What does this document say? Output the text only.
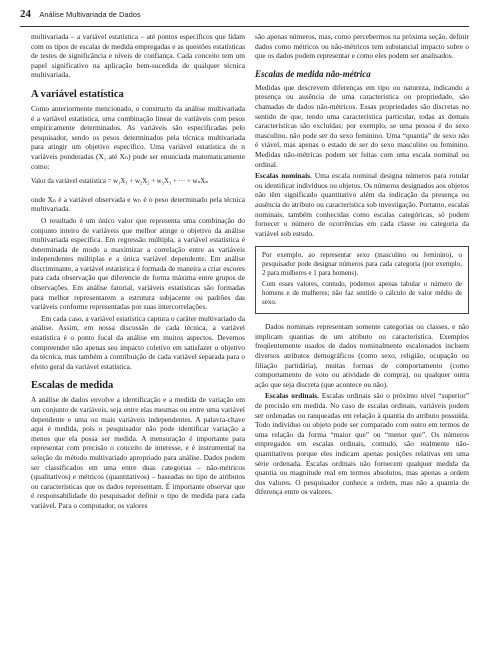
24 Análise Multivariada de Dados

multivariada – a variável estatística – até pontos específicos que lidam com os tipos de escalas de medida empregadas e as questões estatísticas de testes de significância e níveis de confiança. Cada conceito tem um papel significativo na aplicação bem-sucedida de qualquer técnica multivariada.

A variável estatística

Como anteriormente mencionado, o constructo da análise multivariada é a variável estatística, uma combinação linear de variáveis com pesos empiricamente determinados. As variáveis são especificadas pelo pesquisador, sendo os pesos determinados pela técnica multivariada para atingir um objetivo específico. Uma variável estatística de n variáveis ponderadas (X₁ até Xₙ) pode ser enunciada matematicamente como:

Valor da variável estatística = w₁X₁ + w₂X₂ + w₃X₃ + ··· + wₙXₙ

onde Xₙ é a variável observada e wₙ é o peso determinado pela técnica multivariada.

O resultado é um único valor que representa uma combinação do conjunto inteiro de variáveis que melhor atinge o objetivo da análise multivariada específica. Em regressão múltipla, a variável estatística é determinada de modo a maximizar a correlação entre as variáveis independentes múltiplas e a única variável dependente. Em análise discriminante, a variável estatística é formada de maneira a criar escores para cada observação que diferencie de forma máxima entre grupos de observações. Em análise fatorial, variáveis estatísticas são formadas para melhor representarem a estrutura subjacente ou padrões das variáveis conforme representadas por suas intercorrelações.

Em cada caso, a variável estatística captura o caráter multivariado da análise. Assim, em nossa discussão de cada técnica, a variável estatística é o ponto focal da análise em muitos aspectos. Devemos compreender não apenas seu impacto coletivo em satisfazer o objetivo da técnica, mas também a contribuição de cada variável separada para o efeito geral da variável estatística.

Escalas de medida

A análise de dados envolve a identificação e a medida de variação em um conjunto de variáveis, seja entre elas mesmas ou entre uma variável dependente e uma ou mais variáveis independentes. A palavra-chave aqui é medida, pois o pesquisador não pode identificar variação a menos que ela possa ser medida. A mensuração é importante para representar com precisão o conceito de interesse, e é instrumental na seleção do método multivariado apropriado para análise. Dados podem ser classificados em uma entre duas categorias – não-métricos (qualitativos) e métricos (quantitativos) – baseadas no tipo de atributos ou características que os dados representam. É importante observar que é responsabilidade do pesquisador definir o tipo de medida para cada variável. Para o computador, os valores

são apenas números, mas, como percebermos na próxima seção, definir dados como métricos ou não-métricos tem substancial impacto sobre o que os dados podem representar e como eles podem ser analisados.

Escalas de medida não-métrica

Medidas que descrevem diferenças em tipo ou natureza, indicando a presença ou ausência de uma característica ou propriedade, são chamadas de dados não-métricos. Essas propriedades são discretas no sentido de que, tendo uma característica particular, todas as demais características são excluídas; por exemplo, se uma pessoa é do sexo masculino, não pode ser do sexo feminino. Uma “quantia” de sexo não é viável, mas apenas o estado de ser do sexo masculino ou feminino. Medidas não-métricas podem ser feitas com uma escala nominal ou ordinal.

Escalas nominais. Uma escala nominal designa números para rotular ou identificar indivíduos ou objetos. Os números designados aos objetos não têm significado quantitativo além da indicação da presença ou ausência do atributo ou característica sob investigação. Portanto, escalas nominais, também conhecidas como escalas categóricas, só podem fornecer o número de ocorrências em cada classe ou categoria da variável sob estudo.

Por exemplo, ao representar sexo (masculino ou feminino), o pesquisador pode designar números para cada categoria (por exemplo, 2 para mulheres e 1 para homens).

Com esses valores, contudo, podemos apenas tabular o número de homens e de mulheres; não faz sentido o cálculo de valor médio de sexo.

Dados nominais representam somente categorias ou classes, e não implicam quantias de um atributo ou característica. Exemplos freqüentemente usados de dados nominalmente escalonados incluem diversos atributos demográficos (como sexo, religião, ocupação ou filiação partidária), muitas formas de comportamento (como comportamento de voto ou atividade de compra), ou qualquer outra ação que seja discreta (que acontece ou não).

Escalas ordinais. Escalas ordinais são o próximo nível “superior” de precisão em medida. No caso de escalas ordinais, variáveis podem ser ordenadas ou ranqueadas em relação à quantia do atributo possuída. Todo indivíduo ou objeto pode ser comparado com outro em termos de uma relação da forma “maior que” ou “menor que”. Os números empregados em escalas ordinais, contudo, são realmente não-quantitativos porque eles indicam apenas posições relativas em uma série ordenada. Escalas ordinais não fornecem qualquer medida da quantia ou magnitude real em termos absolutos, mas apenas a ordem dos valores. O pesquisador conhece a ordem, mas não a quantia de diferença entre os valores.
